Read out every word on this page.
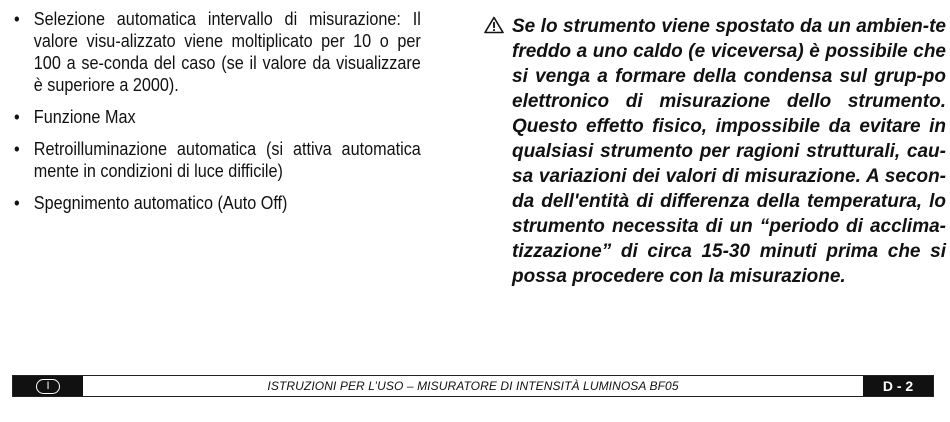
• Selezione automatica intervallo di misurazione: Il valore visu-alizzato viene moltiplicato per 10 o per 100 a se-conda del caso (se il valore da visualizzare è superiore a 2000).
• Funzione Max
• Retroilluminazione automatica (si attiva automatica mente in condizioni di luce difficile)
• Spegnimento automatico (Auto Off)

Se lo strumento viene spostato da un ambien-te freddo a uno caldo (e viceversa) è possibile che si venga a formare della condensa sul grup-po elettronico di misurazione dello strumento. Questo effetto fisico, impossibile da evitare in qualsiasi strumento per ragioni strutturali, cau-sa variazioni dei valori di misurazione. A secon-da dell'entità di differenza della temperatura, lo strumento necessita di un “periodo di acclima-tizzazione” di circa 15-30 minuti prima che si possa procedere con la misurazione.

I	ISTRUZIONI PER L’USO – MISURATORE DI INTENSITÀ LUMINOSA BF05	D - 2
